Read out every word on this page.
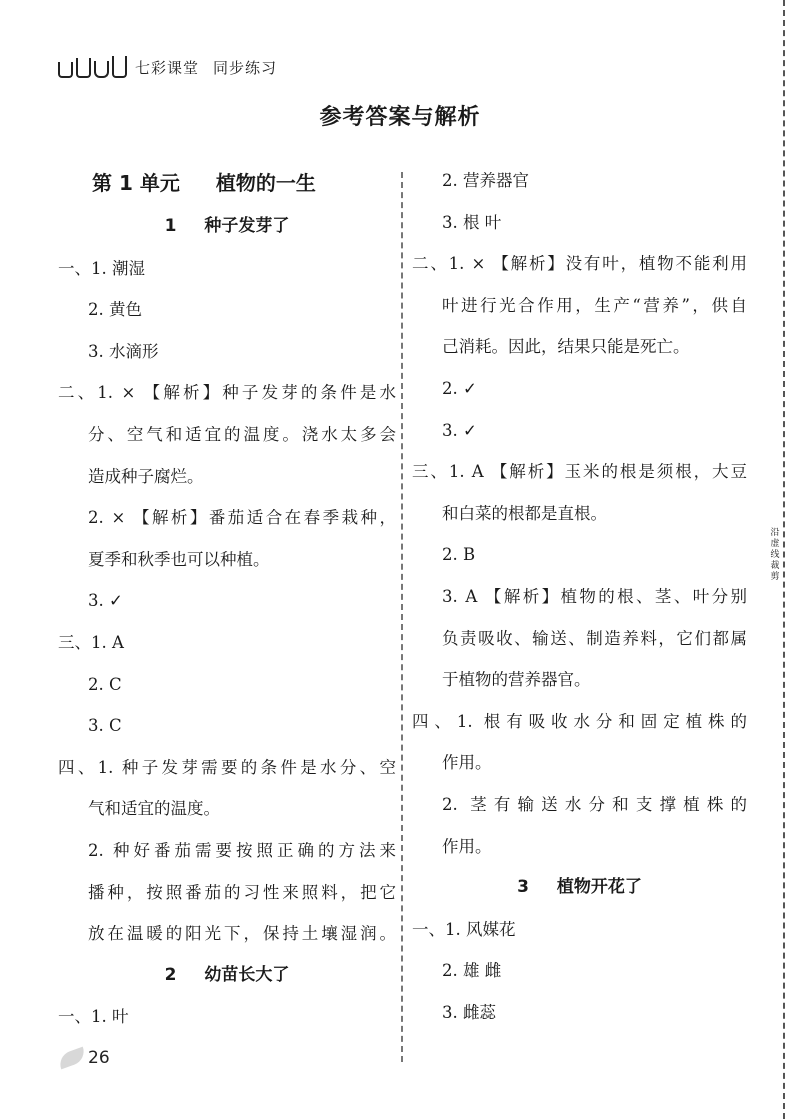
七彩课堂 同步练习
参考答案与解析
第 1 单元 植物的一生
1 种子发芽了
一、1. 潮湿
2. 黄色
3. 水滴形
二、1. × 【解析】种子发芽的条件是水
分、空气和适宜的温度。浇水太多会
造成种子腐烂。
2. × 【解析】番茄适合在春季栽种，
夏季和秋季也可以种植。
3. ✓
三、1. A
2. C
3. C
四、1. 种子发芽需要的条件是水分、空
气和适宜的温度。
2. 种好番茄需要按照正确的方法来
播种，按照番茄的习性来照料，把它
放在温暖的阳光下，保持土壤湿润。
2 幼苗长大了
一、1. 叶
2. 营养器官
3. 根 叶
二、1. × 【解析】没有叶，植物不能利用
叶进行光合作用，生产“营养”，供自
己消耗。因此，结果只能是死亡。
2. ✓
3. ✓
三、1. A 【解析】玉米的根是须根，大豆
和白菜的根都是直根。
2. B
3. A 【解析】植物的根、茎、叶分别
负责吸收、输送、制造养料，它们都属
于植物的营养器官。
四、1. 根有吸收水分和固定植株的
作用。
2. 茎有输送水分和支撑植株的
作用。
3 植物开花了
一、1. 风媒花
2. 雄 雌
3. 雌蕊
沿虚线裁剪
26
